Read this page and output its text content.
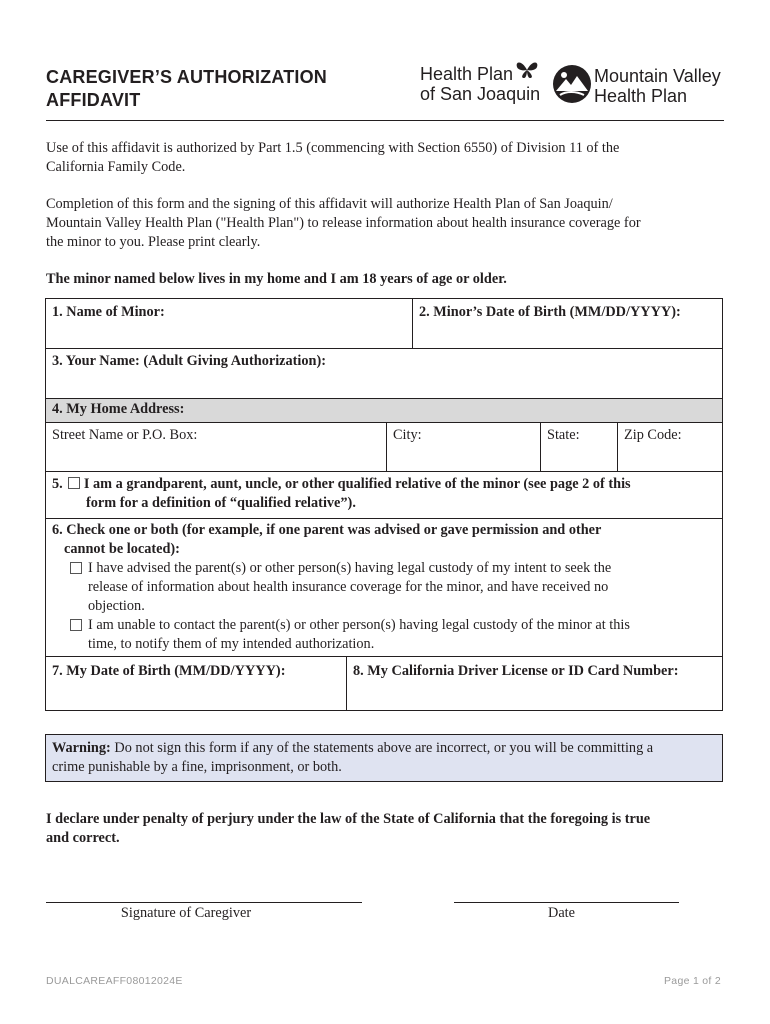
CAREGIVER’S AUTHORIZATION
AFFIDAVIT
Health Plan
of San Joaquin
Mountain Valley
Health Plan
Use of this affidavit is authorized by Part 1.5 (commencing with Section 6550) of Division 11 of the
California Family Code.
Completion of this form and the signing of this affidavit will authorize Health Plan of San Joaquin/
Mountain Valley Health Plan ("Health Plan") to release information about health insurance coverage for
the minor to you. Please print clearly.
The minor named below lives in my home and I am 18 years of age or older.
1. Name of Minor:	2. Minor’s Date of Birth (MM/DD/YYYY):
3. Your Name: (Adult Giving Authorization):
4. My Home Address:
Street Name or P.O. Box:	City:	State:	Zip Code:
5. I am a grandparent, aunt, uncle, or other qualified relative of the minor (see page 2 of this
form for a definition of “qualified relative”).
6. Check one or both (for example, if one parent was advised or gave permission and other
cannot be located):
I have advised the parent(s) or other person(s) having legal custody of my intent to seek the
release of information about health insurance coverage for the minor, and have received no
objection.
I am unable to contact the parent(s) or other person(s) having legal custody of the minor at this
time, to notify them of my intended authorization.
7. My Date of Birth (MM/DD/YYYY):	8. My California Driver License or ID Card Number:
Warning: Do not sign this form if any of the statements above are incorrect, or you will be committing a
crime punishable by a fine, imprisonment, or both.
I declare under penalty of perjury under the law of the State of California that the foregoing is true
and correct.
Signature of Caregiver	Date
DUALCAREAFF08012024E	Page 1 of 2
